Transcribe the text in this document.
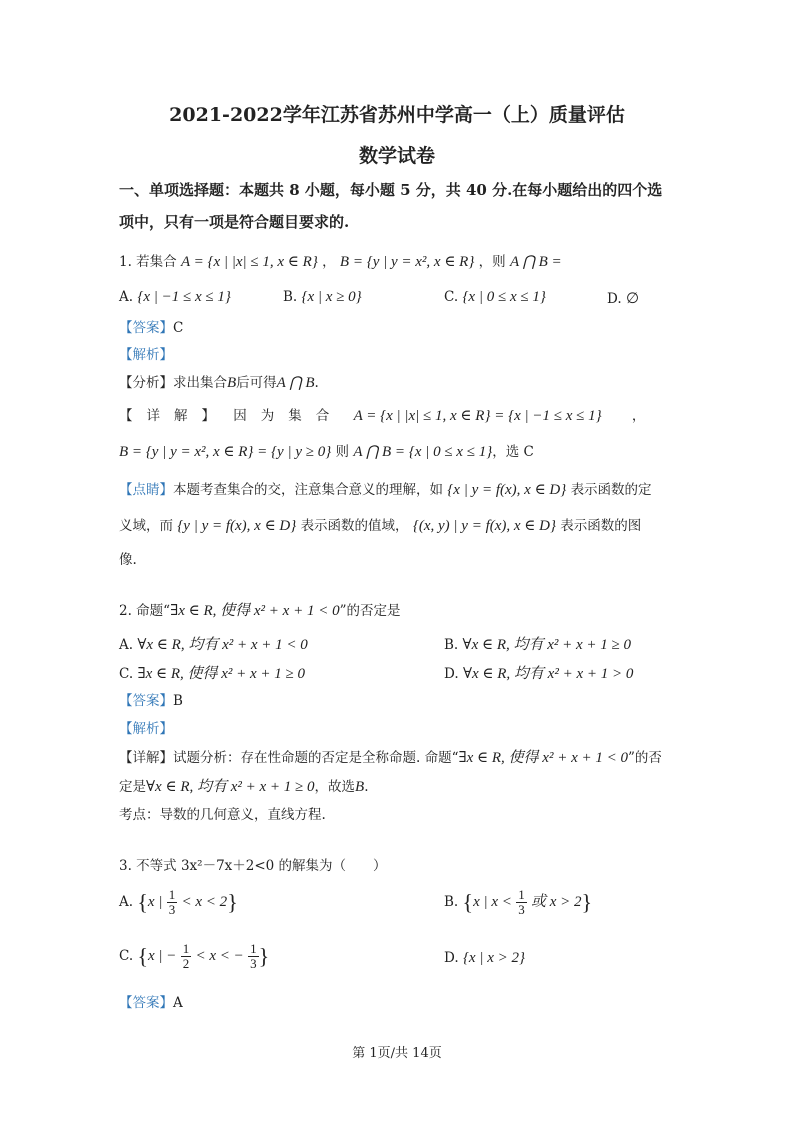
2021-2022学年江苏省苏州中学高一（上）质量评估
数学试卷
一、单项选择题：本题共 8 小题，每小题 5 分，共 40 分.在每小题给出的四个选
项中，只有一项是符合题目要求的.
1. 若集合 A = {x | |x| ≤ 1, x ∈ R} ， B = {y | y = x², x ∈ R} ，则 A ⋂ B =
A. {x | −1 ≤ x ≤ 1}	B. {x | x ≥ 0}	C. {x | 0 ≤ x ≤ 1}	D. ∅
【答案】C
【解析】
【分析】求出集合B后可得A ⋂ B.
【详解】 因为集合 A = {x | |x| ≤ 1, x ∈ R} = {x | −1 ≤ x ≤ 1} ，
B = {y | y = x², x ∈ R} = {y | y ≥ 0} 则 A ⋂ B = {x | 0 ≤ x ≤ 1}，选 C
【点睛】本题考查集合的交，注意集合意义的理解，如 {x | y = f(x), x ∈ D} 表示函数的定
义域，而 {y | y = f(x), x ∈ D} 表示函数的值域， {(x, y) | y = f(x), x ∈ D} 表示函数的图
像.
2. 命题“∃x ∈ R, 使得 x² + x + 1 < 0”的否定是
A. ∀x ∈ R, 均有 x² + x + 1 < 0	B. ∀x ∈ R, 均有 x² + x + 1 ≥ 0
C. ∃x ∈ R, 使得 x² + x + 1 ≥ 0	D. ∀x ∈ R, 均有 x² + x + 1 > 0
【答案】B
【解析】
【详解】试题分析：存在性命题的否定是全称命题. 命题“∃x ∈ R, 使得 x² + x + 1 < 0”的否
定是∀x ∈ R, 均有 x² + x + 1 ≥ 0，故选B.
考点：导数的几何意义，直线方程.
3. 不等式 3x²－7x＋2<0 的解集为（　　）
A. {x | $\frac{1}{3} < x < 2$}	B. {x | $x < \frac{1}{3}$ 或 x > 2}
C. {x | − $\frac{1}{2} < x$ < − $\frac{1}{3}$ }	D. {x | x > 2}
【答案】A
第 1页/共 14页
